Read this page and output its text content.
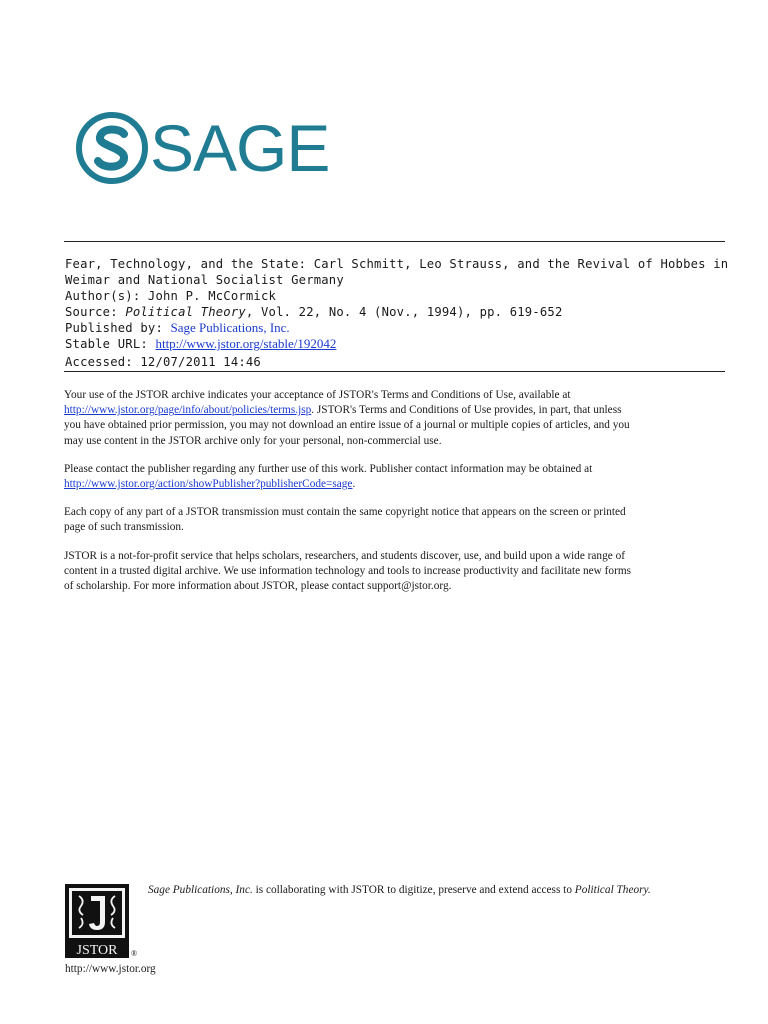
SAGE
Fear, Technology, and the State: Carl Schmitt, Leo Strauss, and the Revival of Hobbes in
Weimar and National Socialist Germany
Author(s): John P. McCormick
Source: Political Theory, Vol. 22, No. 4 (Nov., 1994), pp. 619-652
Published by: Sage Publications, Inc.
Stable URL: http://www.jstor.org/stable/192042
Accessed: 12/07/2011 14:46

Your use of the JSTOR archive indicates your acceptance of JSTOR's Terms and Conditions of Use, available at
http://www.jstor.org/page/info/about/policies/terms.jsp. JSTOR's Terms and Conditions of Use provides, in part, that unless
you have obtained prior permission, you may not download an entire issue of a journal or multiple copies of articles, and you
may use content in the JSTOR archive only for your personal, non-commercial use.

Please contact the publisher regarding any further use of this work. Publisher contact information may be obtained at
http://www.jstor.org/action/showPublisher?publisherCode=sage.

Each copy of any part of a JSTOR transmission must contain the same copyright notice that appears on the screen or printed
page of such transmission.

JSTOR is a not-for-profit service that helps scholars, researchers, and students discover, use, and build upon a wide range of
content in a trusted digital archive. We use information technology and tools to increase productivity and facilitate new forms
of scholarship. For more information about JSTOR, please contact support@jstor.org.

Sage Publications, Inc. is collaborating with JSTOR to digitize, preserve and extend access to Political Theory.
JSTOR ®
http://www.jstor.org
